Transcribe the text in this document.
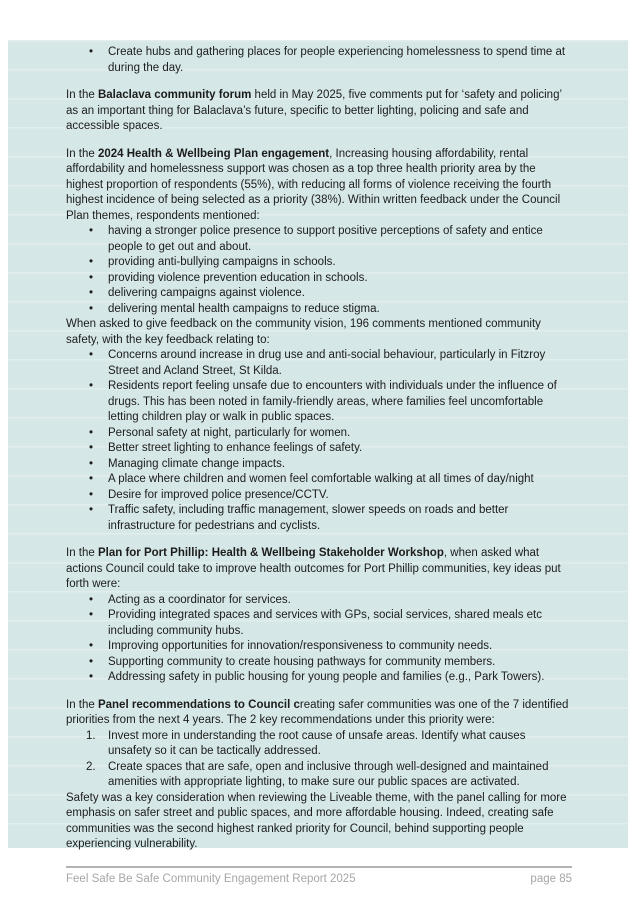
• Create hubs and gathering places for people experiencing homelessness to spend time at during the day.

In the Balaclava community forum held in May 2025, five comments put for ‘safety and policing’ as an important thing for Balaclava’s future, specific to better lighting, policing and safe and accessible spaces.

In the 2024 Health & Wellbeing Plan engagement, Increasing housing affordability, rental affordability and homelessness support was chosen as a top three health priority area by the highest proportion of respondents (55%), with reducing all forms of violence receiving the fourth highest incidence of being selected as a priority (38%). Within written feedback under the Council Plan themes, respondents mentioned:

• having a stronger police presence to support positive perceptions of safety and entice people to get out and about.
• providing anti-bullying campaigns in schools.
• providing violence prevention education in schools.
• delivering campaigns against violence.
• delivering mental health campaigns to reduce stigma.

When asked to give feedback on the community vision, 196 comments mentioned community safety, with the key feedback relating to:

• Concerns around increase in drug use and anti-social behaviour, particularly in Fitzroy Street and Acland Street, St Kilda.
• Residents report feeling unsafe due to encounters with individuals under the influence of drugs. This has been noted in family-friendly areas, where families feel uncomfortable letting children play or walk in public spaces.
• Personal safety at night, particularly for women.
• Better street lighting to enhance feelings of safety.
• Managing climate change impacts.
• A place where children and women feel comfortable walking at all times of day/night
• Desire for improved police presence/CCTV.
• Traffic safety, including traffic management, slower speeds on roads and better infrastructure for pedestrians and cyclists.

In the Plan for Port Phillip: Health & Wellbeing Stakeholder Workshop, when asked what actions Council could take to improve health outcomes for Port Phillip communities, key ideas put forth were:

• Acting as a coordinator for services.
• Providing integrated spaces and services with GPs, social services, shared meals etc including community hubs.
• Improving opportunities for innovation/responsiveness to community needs.
• Supporting community to create housing pathways for community members.
• Addressing safety in public housing for young people and families (e.g., Park Towers).

In the Panel recommendations to Council creating safer communities was one of the 7 identified priorities from the next 4 years. The 2 key recommendations under this priority were:

1. Invest more in understanding the root cause of unsafe areas. Identify what causes unsafety so it can be tactically addressed.
2. Create spaces that are safe, open and inclusive through well-designed and maintained amenities with appropriate lighting, to make sure our public spaces are activated.

Safety was a key consideration when reviewing the Liveable theme, with the panel calling for more emphasis on safer street and public spaces, and more affordable housing. Indeed, creating safe communities was the second highest ranked priority for Council, behind supporting people experiencing vulnerability.

Feel Safe Be Safe Community Engagement Report 2025	page 85
